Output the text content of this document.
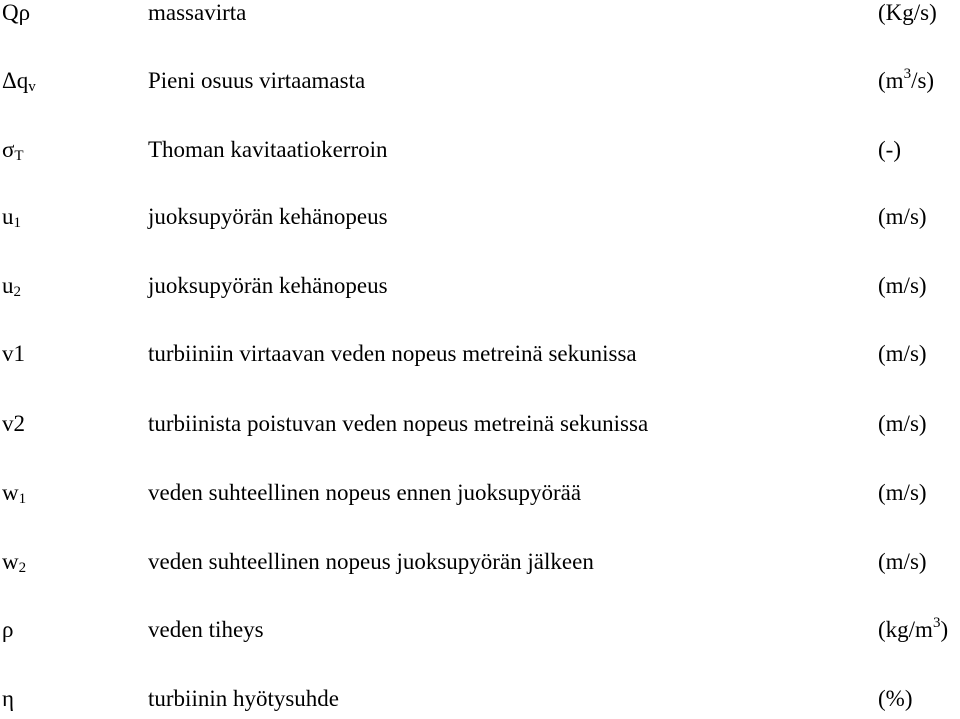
Qρ	massavirta	(Kg/s)
$\Delta q_v$	Pieni osuus virtaamasta	$(m^3/s)$
$\sigma_T$	Thoman kavitaatiokerroin	(-)
$u_1$	juoksupyörän kehänopeus	(m/s)
$u_2$	juoksupyörän kehänopeus	(m/s)
v1	turbiiniin virtaavan veden nopeus metreinä sekunissa	(m/s)
v2	turbiinista poistuvan veden nopeus metreinä sekunissa	(m/s)
$w_1$	veden suhteellinen nopeus ennen juoksupyörää	(m/s)
$w_2$	veden suhteellinen nopeus juoksupyörän jälkeen	(m/s)
ρ	veden tiheys	$(kg/m^3)$
η	turbiinin hyötysuhde	(%)
